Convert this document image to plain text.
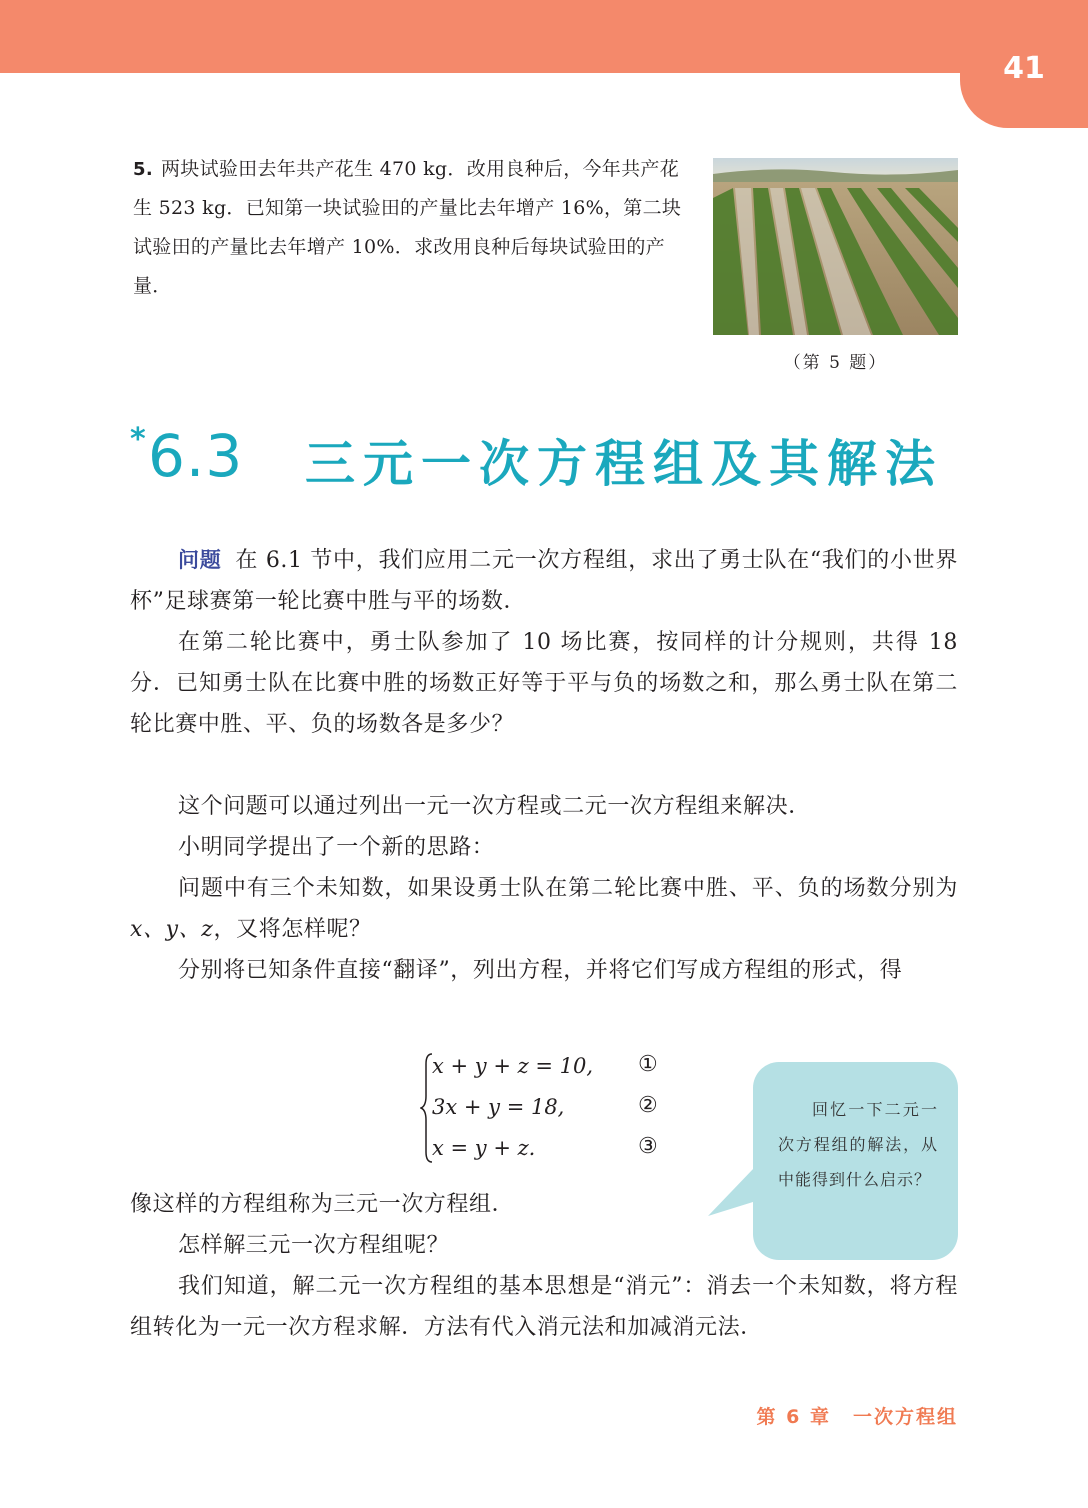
41
5. 两块试验田去年共产花生 470 kg．改用良种后，今年共产花生 523 kg．已知第一块试验田的产量比去年增产 16%，第二块试验田的产量比去年增产 10%．求改用良种后每块试验田的产量．
（第 5 题）
* 6.3 三元一次方程组及其解法
问题 在 6.1 节中，我们应用二元一次方程组，求出了勇士队在“我们的小世界杯”足球赛第一轮比赛中胜与平的场数．
在第二轮比赛中，勇士队参加了 10 场比赛，按同样的计分规则，共得 18 分．已知勇士队在比赛中胜的场数正好等于平与负的场数之和，那么勇士队在第二轮比赛中胜、平、负的场数各是多少？
这个问题可以通过列出一元一次方程或二元一次方程组来解决．
小明同学提出了一个新的思路：
问题中有三个未知数，如果设勇士队在第二轮比赛中胜、平、负的场数分别为x、y、z，又将怎样呢？
分别将已知条件直接“翻译”，列出方程，并将它们写成方程组的形式，得
x + y + z = 10, ①
3x + y = 18,	②
x = y + z.	③
回忆一下二元一次方程组的解法，从中能得到什么启示？
像这样的方程组称为三元一次方程组．
怎样解三元一次方程组呢？
我们知道，解二元一次方程组的基本思想是“消元”：消去一个未知数，将方程组转化为一元一次方程求解．方法有代入消元法和加减消元法．
第 6 章 一次方程组
